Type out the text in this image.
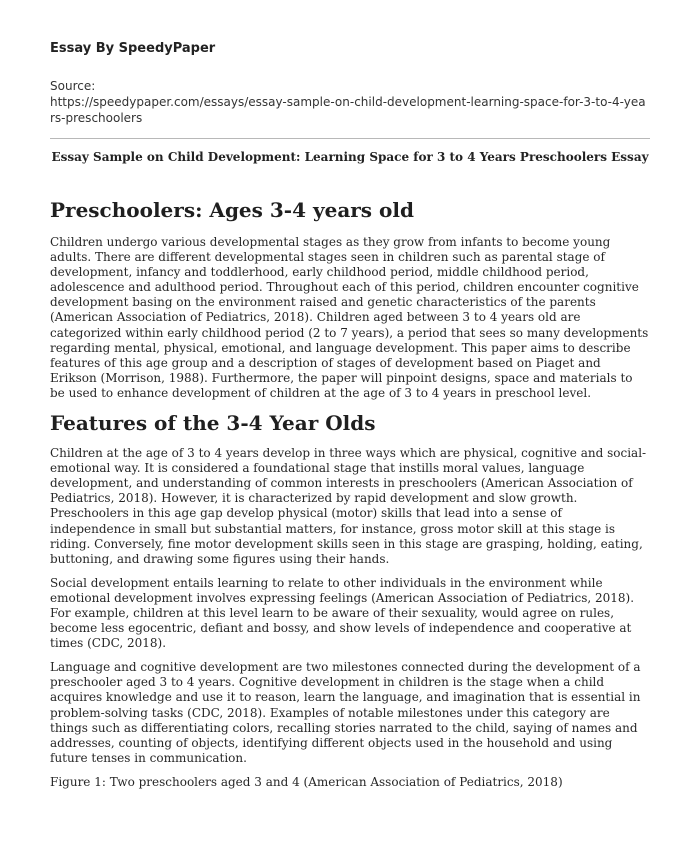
Essay By SpeedyPaper

Source:

https://speedypaper.com/essays/essay-sample-on-child-development-learning-space-for-3-to-4-years-preschoolers

Essay Sample on Child Development: Learning Space for 3 to 4 Years Preschoolers Essay
Preschoolers: Ages 3-4 years old

Children undergo various developmental stages as they grow from infants to become young adults. There are different developmental stages seen in children such as parental stage of development, infancy and toddlerhood, early childhood period, middle childhood period, adolescence and adulthood period. Throughout each of this period, children encounter cognitive development basing on the environment raised and genetic characteristics of the parents (American Association of Pediatrics, 2018). Children aged between 3 to 4 years old are categorized within early childhood period (2 to 7 years), a period that sees so many developments regarding mental, physical, emotional, and language development. This paper aims to describe features of this age group and a description of stages of development based on Piaget and Erikson (Morrison, 1988). Furthermore, the paper will pinpoint designs, space and materials to be used to enhance development of children at the age of 3 to 4 years in preschool level.

Features of the 3-4 Year Olds

Children at the age of 3 to 4 years develop in three ways which are physical, cognitive and social-emotional way. It is considered a foundational stage that instills moral values, language development, and understanding of common interests in preschoolers (American Association of Pediatrics, 2018). However, it is characterized by rapid development and slow growth. Preschoolers in this age gap develop physical (motor) skills that lead into a sense of independence in small but substantial matters, for instance, gross motor skill at this stage is riding. Conversely, fine motor development skills seen in this stage are grasping, holding, eating, buttoning, and drawing some figures using their hands.

Social development entails learning to relate to other individuals in the environment while emotional development involves expressing feelings (American Association of Pediatrics, 2018). For example, children at this level learn to be aware of their sexuality, would agree on rules, become less egocentric, defiant and bossy, and show levels of independence and cooperative at times (CDC, 2018).

Language and cognitive development are two milestones connected during the development of a preschooler aged 3 to 4 years. Cognitive development in children is the stage when a child acquires knowledge and use it to reason, learn the language, and imagination that is essential in problem-solving tasks (CDC, 2018). Examples of notable milestones under this category are things such as differentiating colors, recalling stories narrated to the child, saying of names and addresses, counting of objects, identifying different objects used in the household and using future tenses in communication.

Figure 1: Two preschoolers aged 3 and 4 (American Association of Pediatrics, 2018)
